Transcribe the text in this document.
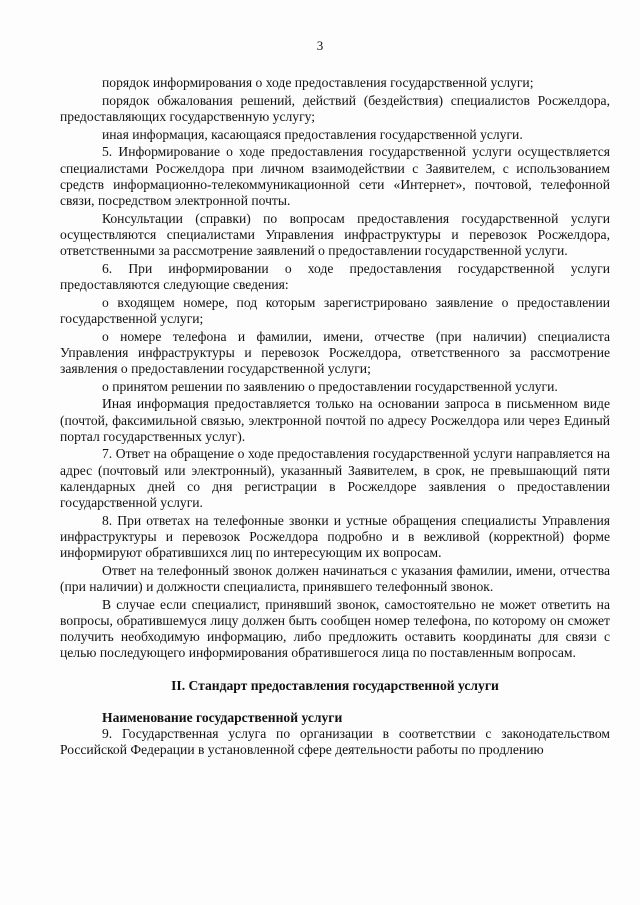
3

порядок информирования о ходе предоставления государственной услуги;

порядок обжалования решений, действий (бездействия) специалистов Росжелдора, предоставляющих государственную услугу;

иная информация, касающаяся предоставления государственной услуги.

5. Информирование о ходе предоставления государственной услуги осуществляется специалистами Росжелдора при личном взаимодействии с Заявителем, с использованием средств информационно-телекоммуникационной сети «Интернет», почтовой, телефонной связи, посредством электронной почты.

Консультации (справки) по вопросам предоставления государственной услуги осуществляются специалистами Управления инфраструктуры и перевозок Росжелдора, ответственными за рассмотрение заявлений о предоставлении государственной услуги.

6. При информировании о ходе предоставления государственной услуги предоставляются следующие сведения:

о входящем номере, под которым зарегистрировано заявление о предоставлении государственной услуги;

о номере телефона и фамилии, имени, отчестве (при наличии) специалиста Управления инфраструктуры и перевозок Росжелдора, ответственного за рассмотрение заявления о предоставлении государственной услуги;

о принятом решении по заявлению о предоставлении государственной услуги.

Иная информация предоставляется только на основании запроса в письменном виде (почтой, факсимильной связью, электронной почтой по адресу Росжелдора или через Единый портал государственных услуг).

7. Ответ на обращение о ходе предоставления государственной услуги направляется на адрес (почтовый или электронный), указанный Заявителем, в срок, не превышающий пяти календарных дней со дня регистрации в Росжелдоре заявления о предоставлении государственной услуги.

8. При ответах на телефонные звонки и устные обращения специалисты Управления инфраструктуры и перевозок Росжелдора подробно и в вежливой (корректной) форме информируют обратившихся лиц по интересующим их вопросам.

Ответ на телефонный звонок должен начинаться с указания фамилии, имени, отчества (при наличии) и должности специалиста, принявшего телефонный звонок.

В случае если специалист, принявший звонок, самостоятельно не может ответить на вопросы, обратившемуся лицу должен быть сообщен номер телефона, по которому он сможет получить необходимую информацию, либо предложить оставить координаты для связи с целью последующего информирования обратившегося лица по поставленным вопросам.

II. Стандарт предоставления государственной услуги
Наименование государственной услуги

9. Государственная услуга по организации в соответствии с законодательством Российской Федерации в установленной сфере деятельности работы по продлению
